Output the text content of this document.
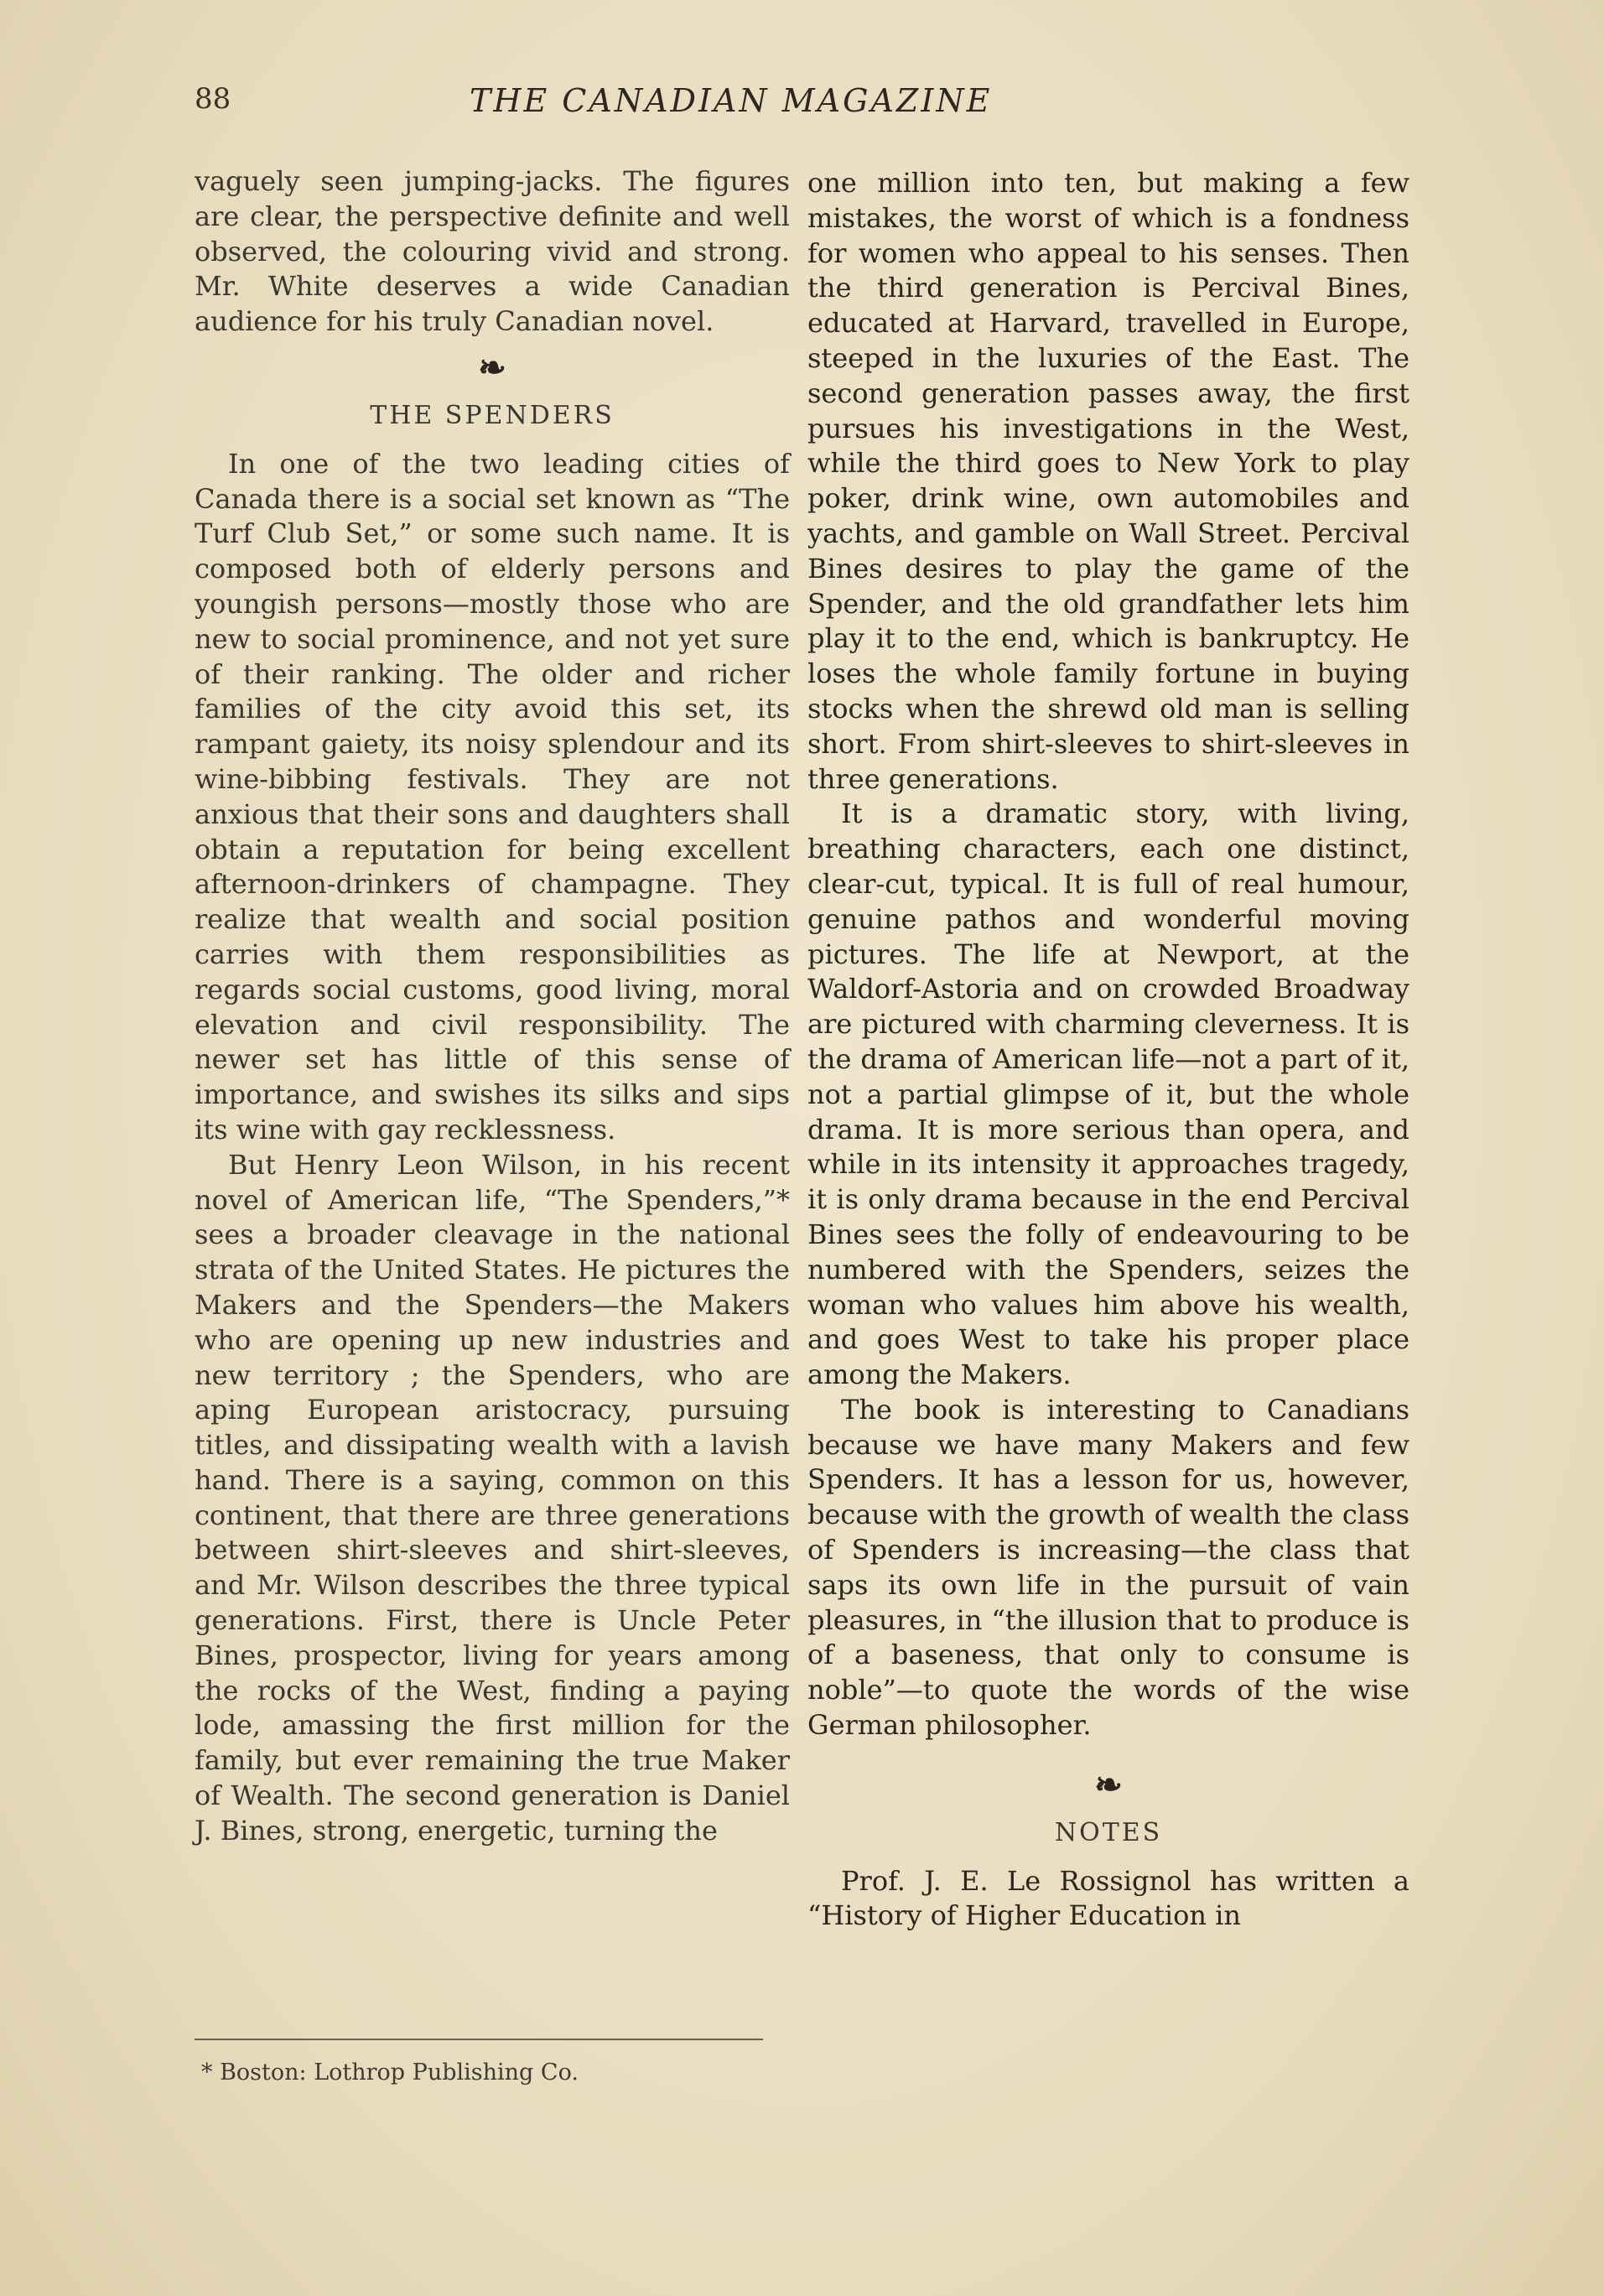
88	THE CANADIAN MAGAZINE

vaguely seen jumping-jacks. The figures are clear, the perspective definite and well observed, the colouring vivid and strong. Mr. White deserves a wide Canadian audience for his truly Canadian novel.

❧
THE SPENDERS

In one of the two leading cities of Canada there is a social set known as “The Turf Club Set,” or some such name. It is composed both of elderly persons and youngish persons—mostly those who are new to social prominence, and not yet sure of their ranking. The older and richer families of the city avoid this set, its rampant gaiety, its noisy splendour and its wine-bibbing festivals. They are not anxious that their sons and daughters shall obtain a reputation for being excellent afternoon-drinkers of champagne. They realize that wealth and social position carries with them responsibilities as regards social customs, good living, moral elevation and civil responsibility. The newer set has little of this sense of importance, and swishes its silks and sips its wine with gay recklessness.

But Henry Leon Wilson, in his recent novel of American life, “The Spenders,”* sees a broader cleavage in the national strata of the United States. He pictures the Makers and the Spenders—the Makers who are opening up new industries and new territory ; the Spenders, who are aping European aristocracy, pursuing titles, and dissipating wealth with a lavish hand. There is a saying, common on this continent, that there are three generations between shirt-sleeves and shirt-sleeves, and Mr. Wilson describes the three typical generations. First, there is Uncle Peter Bines, prospector, living for years among the rocks of the West, finding a paying lode, amassing the first million for the family, but ever remaining the true Maker of Wealth. The second generation is Daniel J. Bines, strong, energetic, turning the

one million into ten, but making a few mistakes, the worst of which is a fondness for women who appeal to his senses. Then the third generation is Percival Bines, educated at Harvard, travelled in Europe, steeped in the luxuries of the East. The second generation passes away, the first pursues his investigations in the West, while the third goes to New York to play poker, drink wine, own automobiles and yachts, and gamble on Wall Street. Percival Bines desires to play the game of the Spender, and the old grandfather lets him play it to the end, which is bankruptcy. He loses the whole family fortune in buying stocks when the shrewd old man is selling short. From shirt-sleeves to shirt-sleeves in three generations.

It is a dramatic story, with living, breathing characters, each one distinct, clear-cut, typical. It is full of real humour, genuine pathos and wonderful moving pictures. The life at Newport, at the Waldorf-Astoria and on crowded Broadway are pictured with charming cleverness. It is the drama of American life—not a part of it, not a partial glimpse of it, but the whole drama. It is more serious than opera, and while in its intensity it approaches tragedy, it is only drama because in the end Percival Bines sees the folly of endeavouring to be numbered with the Spenders, seizes the woman who values him above his wealth, and goes West to take his proper place among the Makers.

The book is interesting to Canadians because we have many Makers and few Spenders. It has a lesson for us, however, because with the growth of wealth the class of Spenders is increasing—the class that saps its own life in the pursuit of vain pleasures, in “the illusion that to produce is of a baseness, that only to consume is noble”—to quote the words of the wise German philosopher.

❧
NOTES

Prof. J. E. Le Rossignol has written a “History of Higher Education in

* Boston: Lothrop Publishing Co.
